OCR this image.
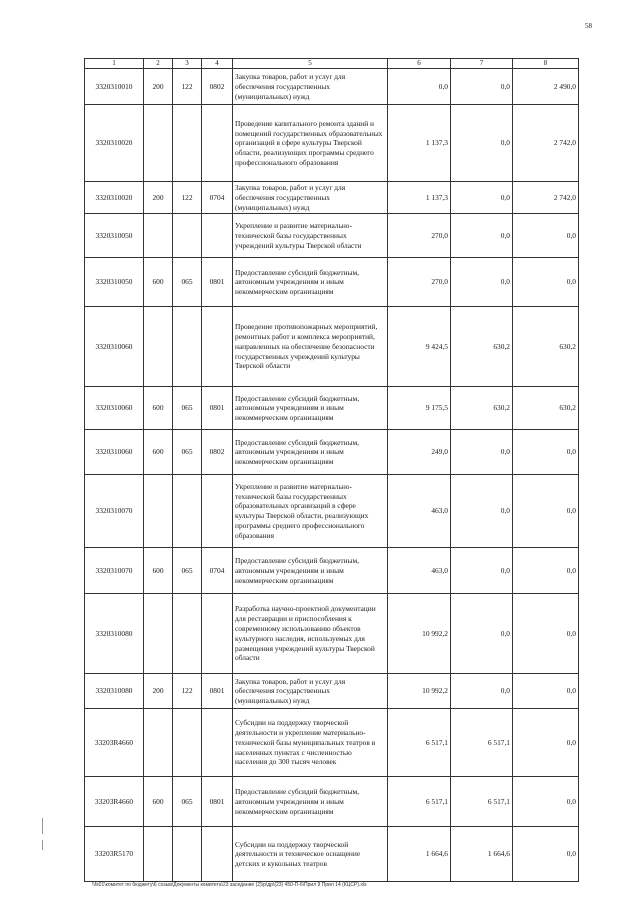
58
1	2	3	4	5	6	7	8
3320310010	200	122	0802	Закупка товаров, работ и услуг для обеспечения государственных (муниципальных) нужд	0,0	0,0	2 490,0
3320310020				Проведение капитального ремонта зданий и помещений государственных образовательных организаций в сфере культуры Тверской области, реализующих программы среднего профессионального образования	1 137,3	0,0	2 742,0
3320310020	200	122	0704	Закупка товаров, работ и услуг для обеспечения государственных (муниципальных) нужд	1 137,3	0,0	2 742,0
3320310050				Укрепление и развитие материально-технической базы государственных учреждений культуры Тверской области	270,0	0,0	0,0
3320310050	600	065	0801	Предоставление субсидий бюджетным, автономным учреждениям и иным некоммерческим организациям	270,0	0,0	0,0
3320310060				Проведение противопожарных мероприятий, ремонтных работ и комплекса мероприятий, направленных на обеспечение безопасности государственных учреждений культуры Тверской области	9 424,5	630,2	630,2
3320310060	600	065	0801	Предоставление субсидий бюджетным, автономным учреждениям и иным некоммерческим организациям	9 175,5	630,2	630,2
3320310060	600	065	0802	Предоставление субсидий бюджетным, автономным учреждениям и иным некоммерческим организациям	249,0	0,0	0,0
3320310070				Укрепление и развитие материально-технической базы государственных образовательных организаций в сфере культуры Тверской области, реализующих программы среднего профессионального образования	463,0	0,0	0,0
3320310070	600	065	0704	Предоставление субсидий бюджетным, автономным учреждениям и иным некоммерческим организациям	463,0	0,0	0,0
3320310080				Разработка научно-проектной документации для реставрации и приспособления к современному использованию объектов культурного наследия, используемых для размещения учреждений культуры Тверской области	10 992,2	0,0	0,0
3320310080	200	122	0801	Закупка товаров, работ и услуг для обеспечения государственных (муниципальных) нужд	10 992,2	0,0	0,0
33203R4660				Субсидии на поддержку творческой деятельности и укрепление материально-технической базы муниципальных театров в населенных пунктах с численностью населения до 300 тысяч человек	6 517,1	6 517,1	0,0
33203R4660	600	065	0801	Предоставление субсидий бюджетным, автономным учреждениям и иным некоммерческим организациям	6 517,1	6 517,1	0,0
33203R5170				Субсидии на поддержку творческой деятельности и техническое оснащение детских и кукольных театров	1 664,6	1 664,6	0,0
\\fs01\комитет по бюджету\6 созыв\Документы комитета\23 заседание (2)\р\др\(23) 450-П-6\Прил 9 Прил 14 (КЦСР).xls
